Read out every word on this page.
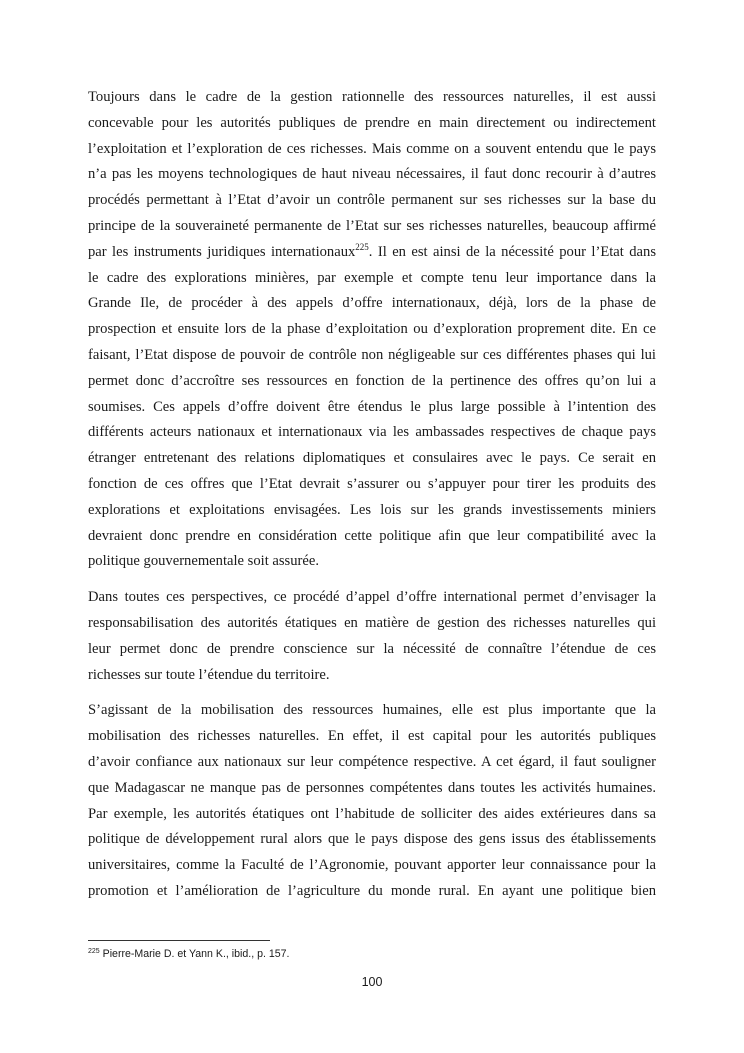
Toujours dans le cadre de la gestion rationnelle des ressources naturelles, il est aussi
concevable pour les autorités publiques de prendre en main directement ou indirectement
l’exploitation et l’exploration de ces richesses. Mais comme on a souvent entendu que le pays
n’a pas les moyens technologiques de haut niveau nécessaires, il faut donc recourir à d’autres
procédés permettant à l’Etat d’avoir un contrôle permanent sur ses richesses sur la base du
principe de la souveraineté permanente de l’Etat sur ses richesses naturelles, beaucoup affirmé
par les instruments juridiques internationaux$^{225}$. Il en est ainsi de la nécessité pour l’Etat dans
le cadre des explorations minières, par exemple et compte tenu leur importance dans la
Grande Ile, de procéder à des appels d’offre internationaux, déjà, lors de la phase de
prospection et ensuite lors de la phase d’exploitation ou d’exploration proprement dite. En ce
faisant, l’Etat dispose de pouvoir de contrôle non négligeable sur ces différentes phases qui lui
permet donc d’accroître ses ressources en fonction de la pertinence des offres qu’on lui a
soumises. Ces appels d’offre doivent être étendus le plus large possible à l’intention des
différents acteurs nationaux et internationaux via les ambassades respectives de chaque pays
étranger entretenant des relations diplomatiques et consulaires avec le pays. Ce serait en
fonction de ces offres que l’Etat devrait s’assurer ou s’appuyer pour tirer les produits des
explorations et exploitations envisagées. Les lois sur les grands investissements miniers
devraient donc prendre en considération cette politique afin que leur compatibilité avec la
politique gouvernementale soit assurée.
Dans toutes ces perspectives, ce procédé d’appel d’offre international permet d’envisager la
responsabilisation des autorités étatiques en matière de gestion des richesses naturelles qui
leur permet donc de prendre conscience sur la nécessité de connaître l’étendue de ces
richesses sur toute l’étendue du territoire.
S’agissant de la mobilisation des ressources humaines, elle est plus importante que la
mobilisation des richesses naturelles. En effet, il est capital pour les autorités publiques
d’avoir confiance aux nationaux sur leur compétence respective. A cet égard, il faut souligner
que Madagascar ne manque pas de personnes compétentes dans toutes les activités humaines.
Par exemple, les autorités étatiques ont l’habitude de solliciter des aides extérieures dans sa
politique de développement rural alors que le pays dispose des gens issus des établissements
universitaires, comme la Faculté de l’Agronomie, pouvant apporter leur connaissance pour la
promotion et l’amélioration de l’agriculture du monde rural. En ayant une politique bien
$^{225}$ Pierre-Marie D. et Yann K., ibid., p. 157.
100
